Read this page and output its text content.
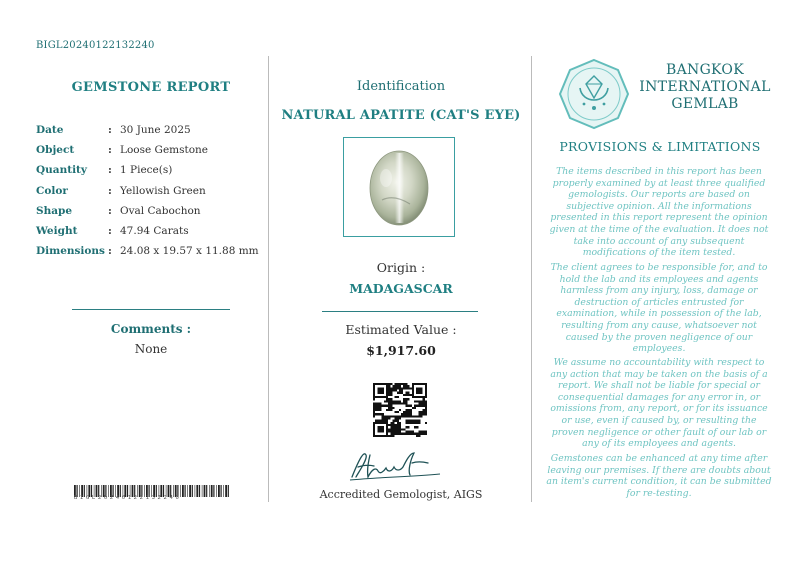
BIGL20240122132240
GEMSTONE REPORT
Date	: 30 June 2025
Object	: Loose Gemstone
Quantity	: 1 Piece(s)
Color	: Yellowish Green
Shape	: Oval Cabochon
Weight	: 47.94 Carats
Dimensions : 24.08 x 19.57 x 11.88 mm
Comments :
None
BIGL20240122132240
Identification
NATURAL APATITE (CAT'S EYE)
Origin :
MADAGASCAR
Estimated Value :
$1,917.60
Accredited Gemologist, AIGS
BANGKOK
INTERNATIONAL
GEMLAB
PROVISIONS & LIMITATIONS
The items described in this report has been properly examined by at least three qualified gemologists. Our reports are based on subjective opinion. All the informations presented in this report represent the opinion given at the time of the evaluation. It does not take into account of any subsequent modifications of the item tested.
The client agrees to be responsible for, and to hold the lab and its employees and agents harmless from any injury, loss, damage or destruction of articles entrusted for examination, while in possession of the lab, resulting from any cause, whatsoever not caused by the proven negligence of our employees.
We assume no accountability with respect to any action that may be taken on the basis of a report. We shall not be liable for special or consequential damages for any error in, or omissions from, any report, or for its issuance or use, even if caused by, or resulting the proven negligence or other fault of our lab or any of its employees and agents.
Gemstones can be enhanced at any time after leaving our premises. If there are doubts about an item's current condition, it can be submitted for re-testing.
